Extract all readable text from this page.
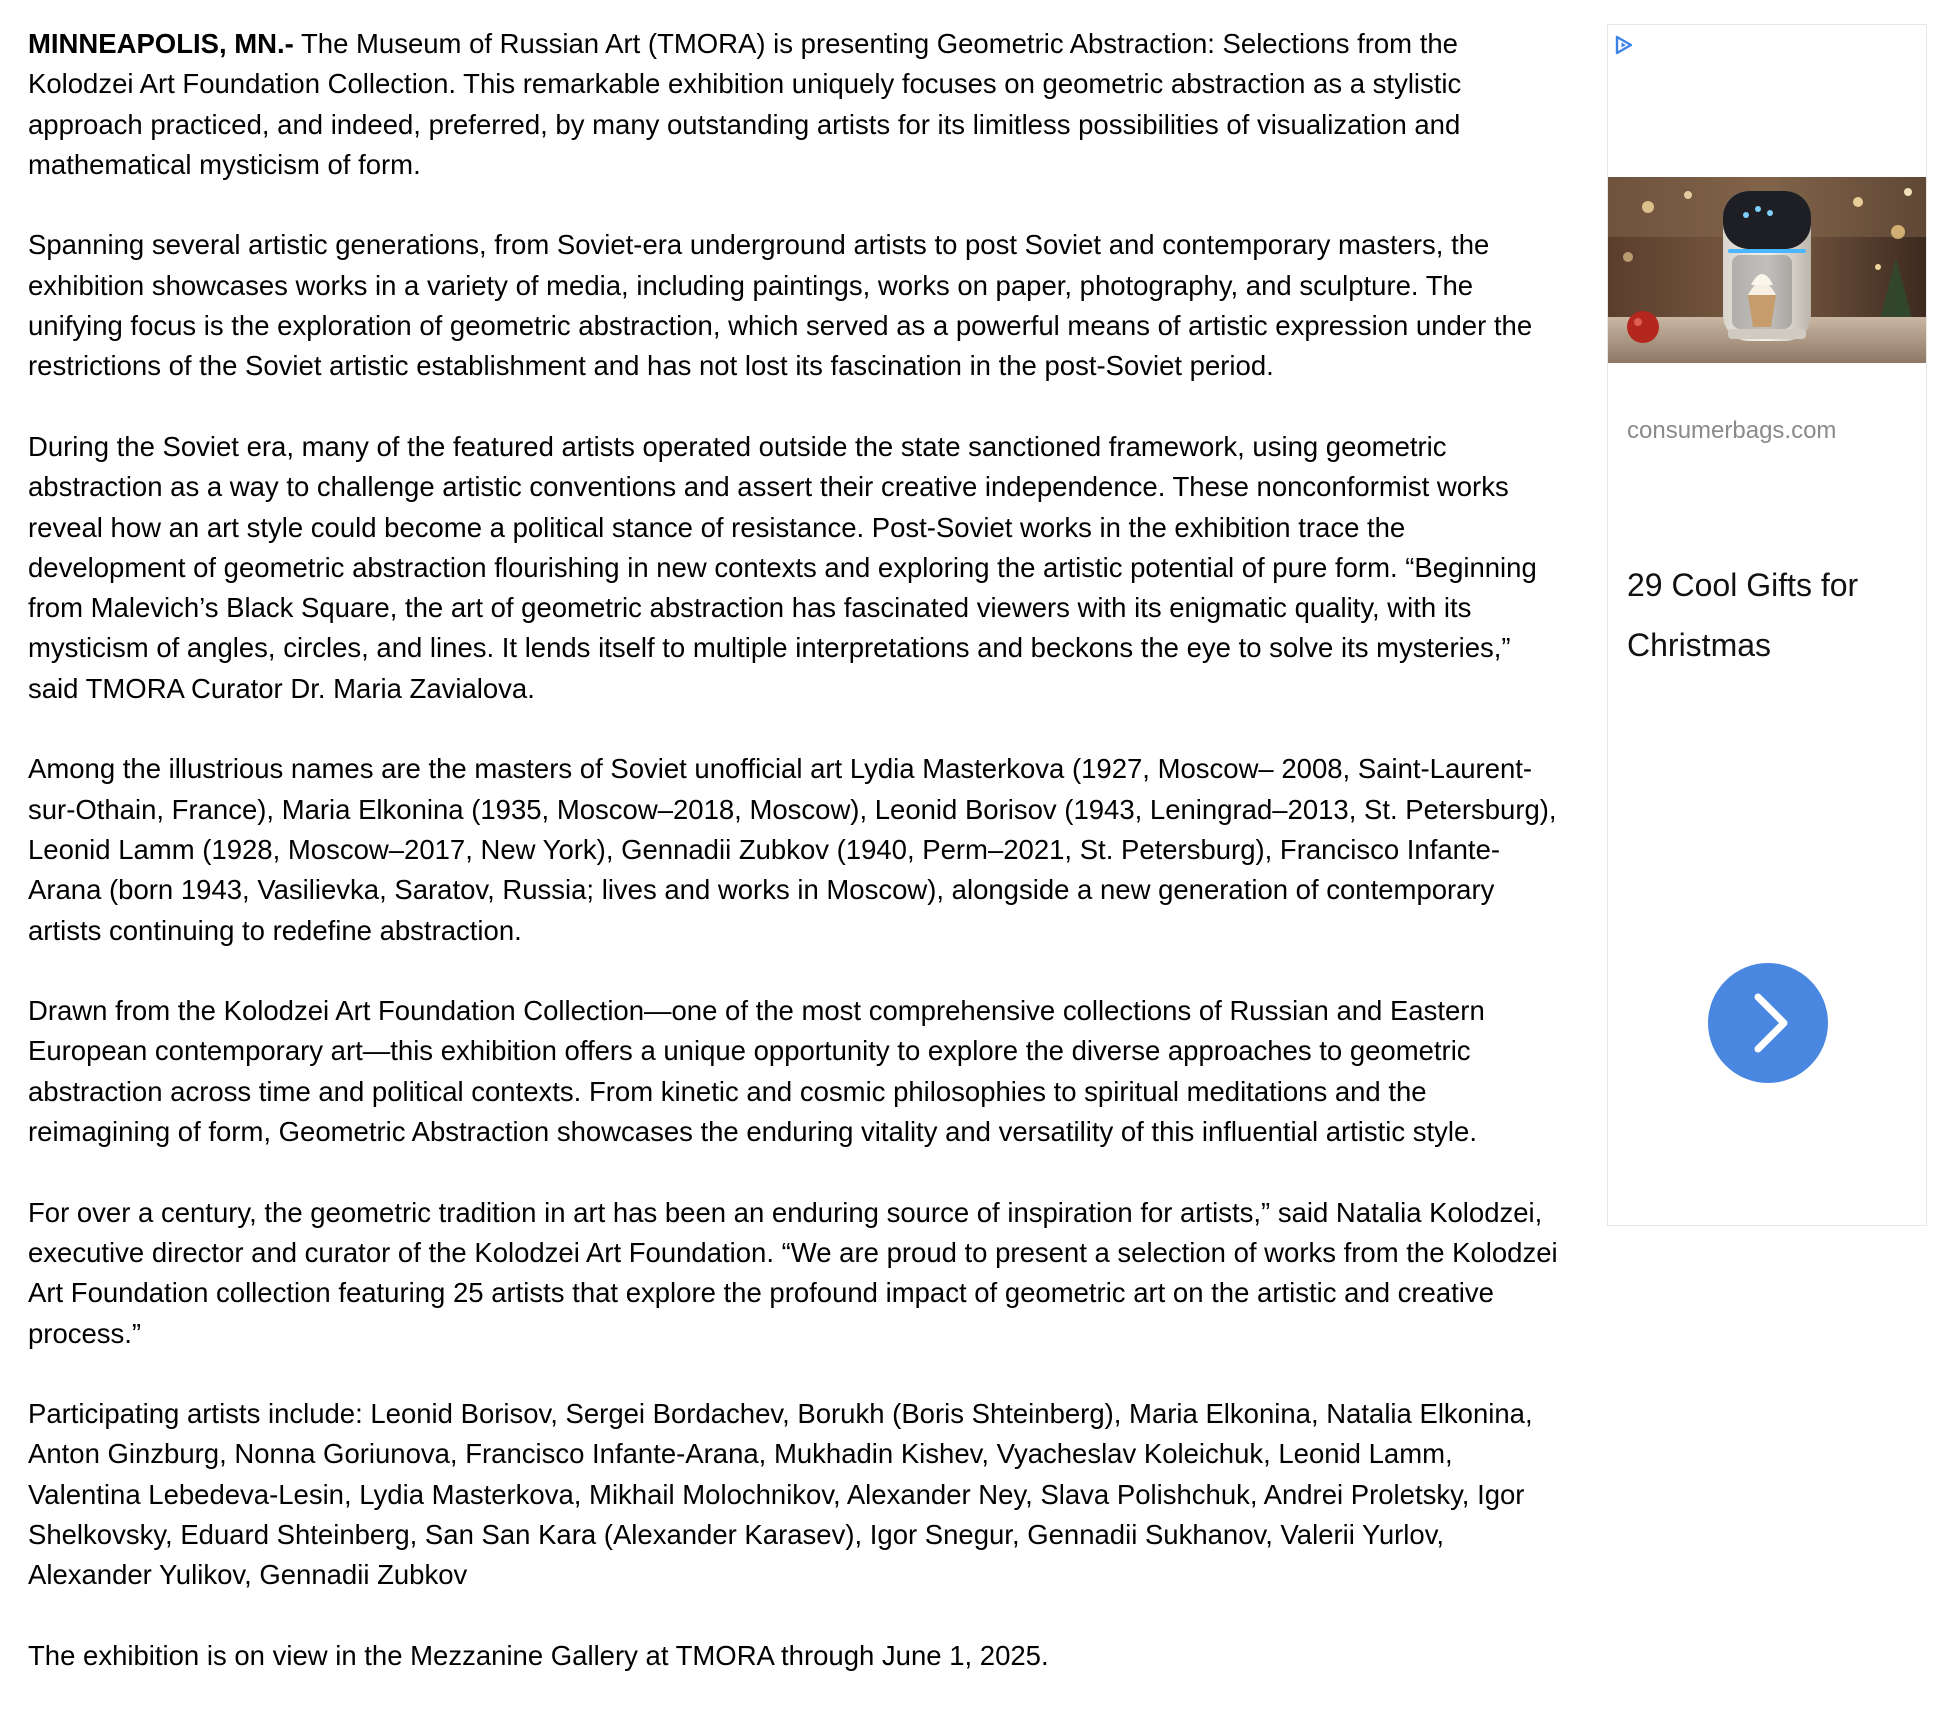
MINNEAPOLIS, MN.- The Museum of Russian Art (TMORA) is presenting Geometric Abstraction: Selections from the Kolodzei Art Foundation Collection. This remarkable exhibition uniquely focuses on geometric abstraction as a stylistic approach practiced, and indeed, preferred, by many outstanding artists for its limitless possibilities of visualization and mathematical mysticism of form.

Spanning several artistic generations, from Soviet-era underground artists to post Soviet and contemporary masters, the exhibition showcases works in a variety of media, including paintings, works on paper, photography, and sculpture. The unifying focus is the exploration of geometric abstraction, which served as a powerful means of artistic expression under the restrictions of the Soviet artistic establishment and has not lost its fascination in the post-Soviet period.

During the Soviet era, many of the featured artists operated outside the state sanctioned framework, using geometric abstraction as a way to challenge artistic conventions and assert their creative independence. These nonconformist works reveal how an art style could become a political stance of resistance. Post-Soviet works in the exhibition trace the development of geometric abstraction flourishing in new contexts and exploring the artistic potential of pure form. “Beginning from Malevich’s Black Square, the art of geometric abstraction has fascinated viewers with its enigmatic quality, with its mysticism of angles, circles, and lines. It lends itself to multiple interpretations and beckons the eye to solve its mysteries,” said TMORA Curator Dr. Maria Zavialova.

Among the illustrious names are the masters of Soviet unofficial art Lydia Masterkova (1927, Moscow– 2008, Saint-Laurent-sur-Othain, France), Maria Elkonina (1935, Moscow–2018, Moscow), Leonid Borisov (1943, Leningrad–2013, St. Petersburg), Leonid Lamm (1928, Moscow–2017, New York), Gennadii Zubkov (1940, Perm–2021, St. Petersburg), Francisco Infante-Arana (born 1943, Vasilievka, Saratov, Russia; lives and works in Moscow), alongside a new generation of contemporary artists continuing to redefine abstraction.

Drawn from the Kolodzei Art Foundation Collection—one of the most comprehensive collections of Russian and Eastern European contemporary art—this exhibition offers a unique opportunity to explore the diverse approaches to geometric abstraction across time and political contexts. From kinetic and cosmic philosophies to spiritual meditations and the reimagining of form, Geometric Abstraction showcases the enduring vitality and versatility of this influential artistic style.

For over a century, the geometric tradition in art has been an enduring source of inspiration for artists,” said Natalia Kolodzei, executive director and curator of the Kolodzei Art Foundation. “We are proud to present a selection of works from the Kolodzei Art Foundation collection featuring 25 artists that explore the profound impact of geometric art on the artistic and creative process.”

Participating artists include: Leonid Borisov, Sergei Bordachev, Borukh (Boris Shteinberg), Maria Elkonina, Natalia Elkonina, Anton Ginzburg, Nonna Goriunova, Francisco Infante-Arana, Mukhadin Kishev, Vyacheslav Koleichuk, Leonid Lamm, Valentina Lebedeva-Lesin, Lydia Masterkova, Mikhail Molochnikov, Alexander Ney, Slava Polishchuk, Andrei Proletsky, Igor Shelkovsky, Eduard Shteinberg, San San Kara (Alexander Karasev), Igor Snegur, Gennadii Sukhanov, Valerii Yurlov, Alexander Yulikov, Gennadii Zubkov

The exhibition is on view in the Mezzanine Gallery at TMORA through June 1, 2025.

consumerbags.com
29 Cool Gifts for Christmas
